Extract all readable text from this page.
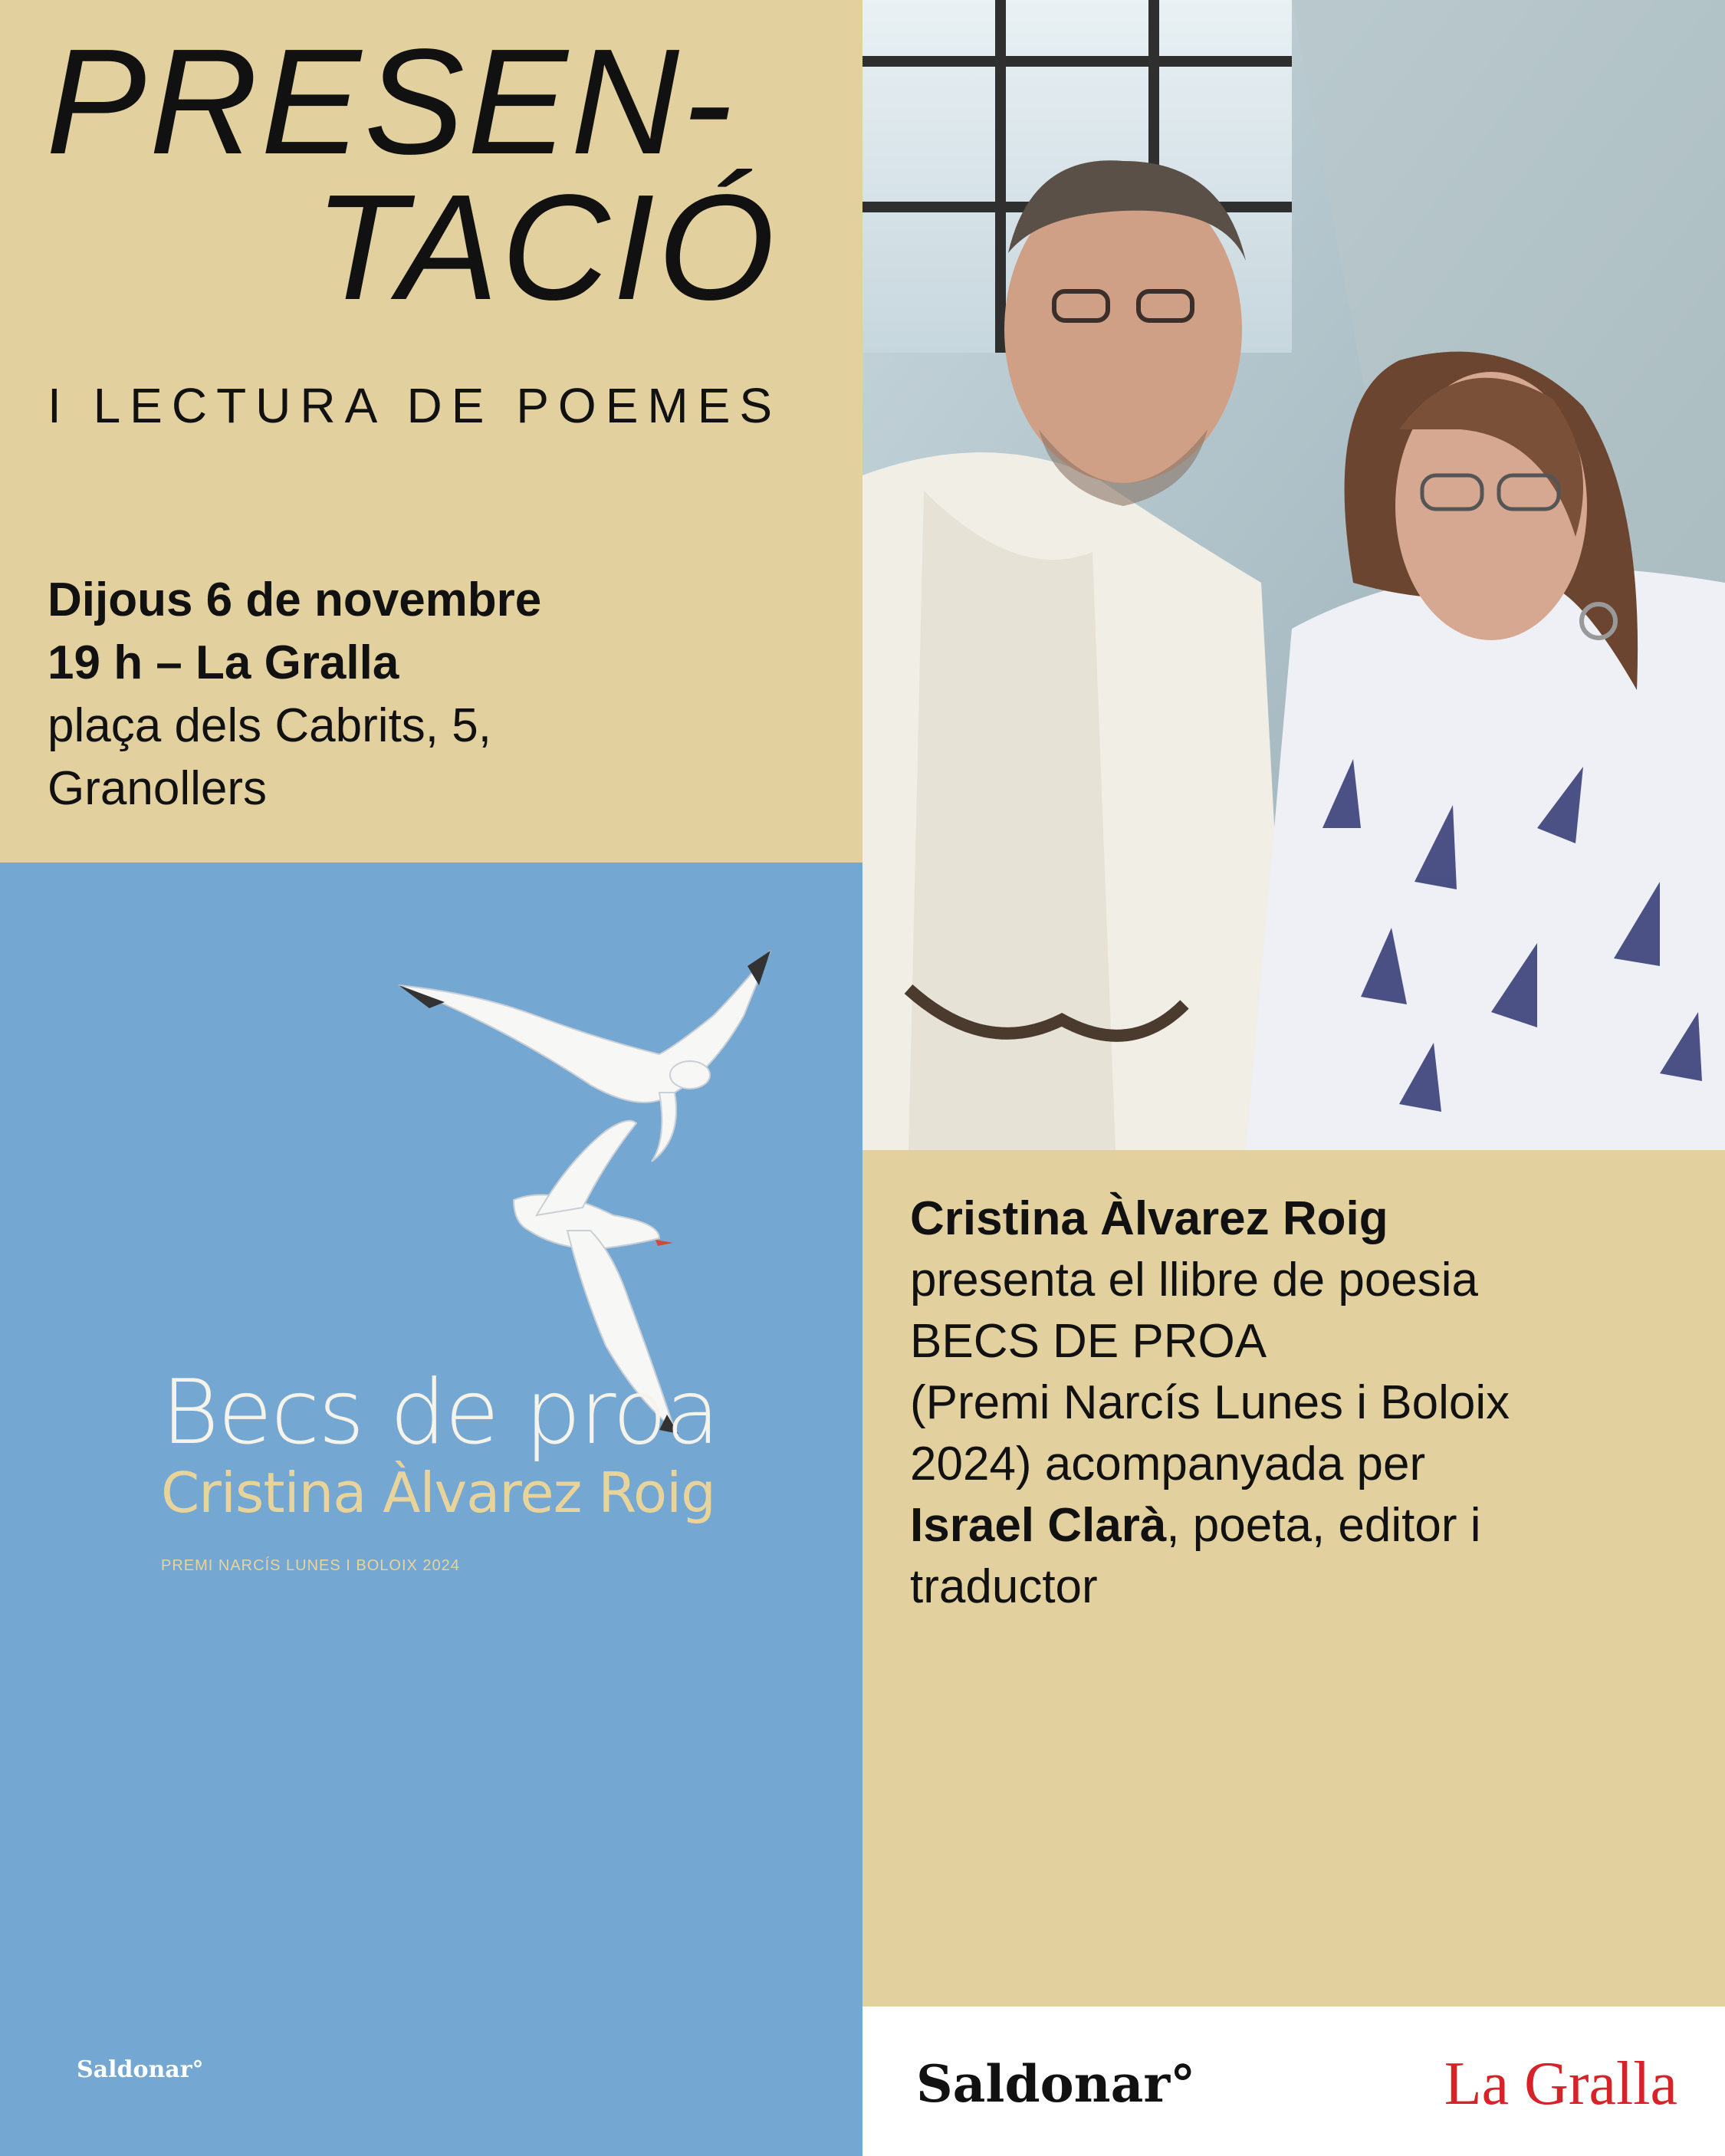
PRESEN-
TACIÓ
I LECTURA DE POEMES
Dijous 6 de novembre
19 h – La Gralla
plaça dels Cabrits, 5,
Granollers
Becs de proa
Cristina Àlvarez Roig
PREMI NARCÍS LUNES I BOLOIX 2024
Saldonar°
Cristina Àlvarez Roig
presenta el llibre de poesia
BECS DE PROA
(Premi Narcís Lunes i Boloix
2024) acompanyada per
Israel Clarà, poeta, editor i
traductor
Saldonar°	La Gralla
